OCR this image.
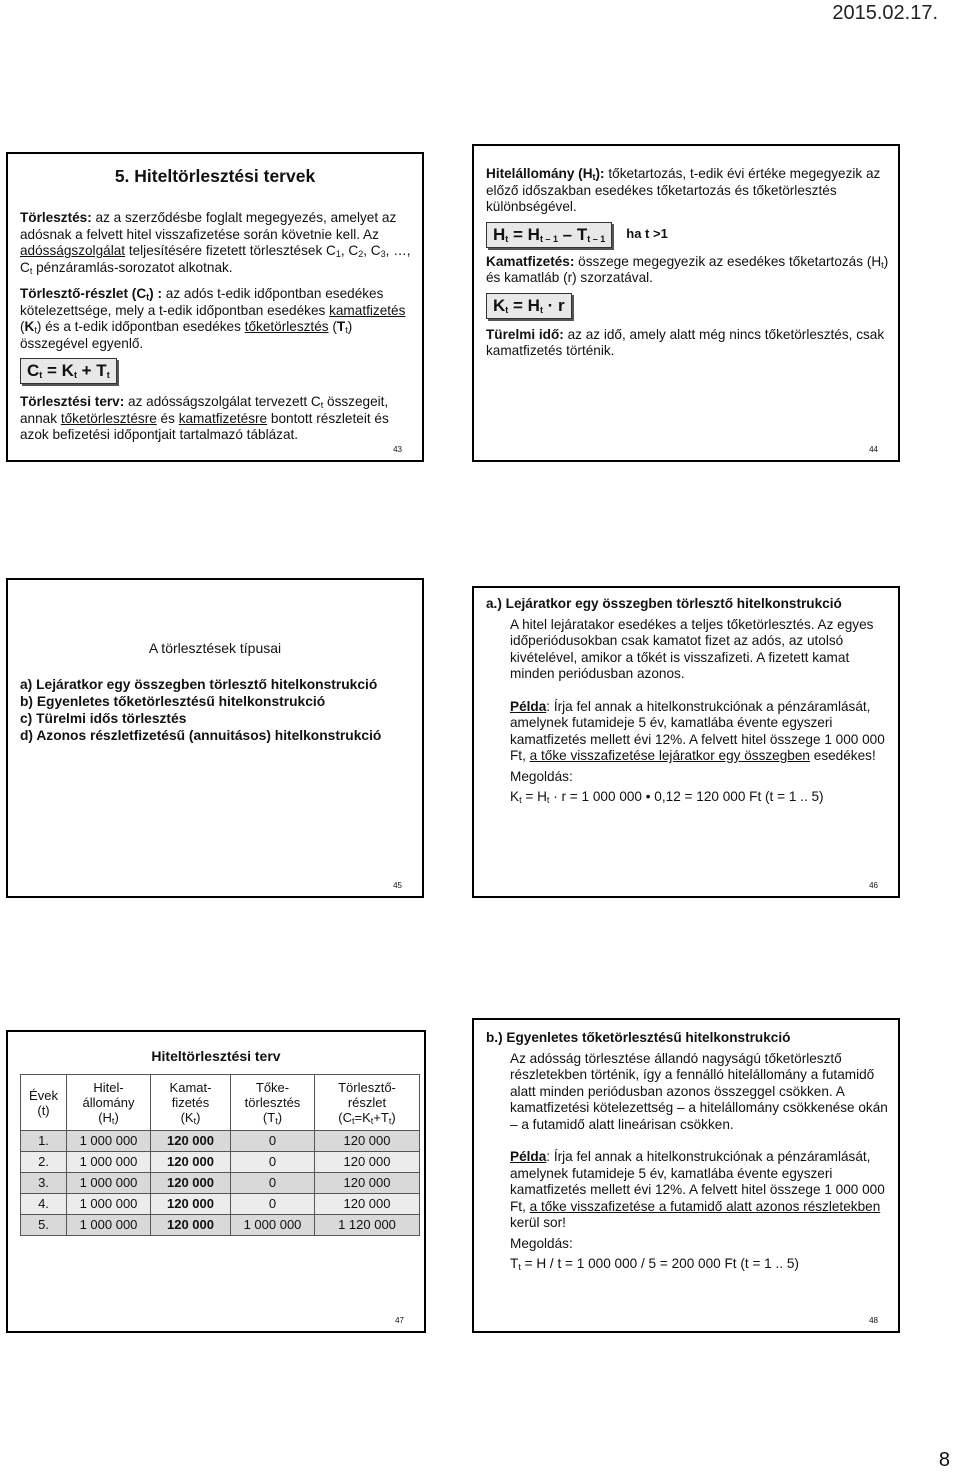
2015.02.17.
5. Hiteltörlesztési tervek

Törlesztés: az a szerződésbe foglalt megegyezés, amelyet az adósnak a felvett hitel visszafizetése során követnie kell. Az adósságszolgálat teljesítésére fizetett törlesztések $C_1$, $C_2$, $C_3$, …, $C_t$ pénzáramlás-sorozatot alkotnak.

Törlesztő-részlet $(C_t)$ : az adós t-edik időpontban esedékes kötelezettsége, mely a t-edik időpontban esedékes kamatfizetés $(K_t)$ és a t-edik időpontban esedékes tőketörlesztés $(T_t)$ összegével egyenlő.

$C_t = K_t + T_t$

Törlesztési terv: az adósságszolgálat tervezett $C_t$ összegeit, annak tőketörlesztésre és kamatfizetésre bontott részleteit és azok befizetési időpontjait tartalmazó táblázat.

43

Hitelállomány $(H_t)$: tőketartozás, t-edik évi értéke megegyezik az előző időszakban esedékes tőketartozás és tőketörlesztés különbségével.

$H_t = H_{t - 1} - T_{t - 1}$	ha t >1

Kamatfizetés: összege megegyezik az esedékes tőketartozás $(H_t)$ és kamatláb (r) szorzatával.

$K_t = H_t \cdot r$

Türelmi idő: az az idő, amely alatt még nincs tőketörlesztés, csak kamatfizetés történik.

44
A törlesztések típusai
a) Lejáratkor egy összegben törlesztő hitelkonstrukció
b) Egyenletes tőketörlesztésű hitelkonstrukció
c) Türelmi idős törlesztés
d) Azonos részletfizetésű (annuitásos) hitelkonstrukció
45

a.) Lejáratkor egy összegben törlesztő hitelkonstrukció

A hitel lejáratakor esedékes a teljes tőketörlesztés. Az egyes időperiódusokban csak kamatot fizet az adós, az utolsó kivételével, amikor a tőkét is visszafizeti. A fizetett kamat minden periódusban azonos.

Példa: Írja fel annak a hitelkonstrukciónak a pénzáramlását, amelynek futamideje 5 év, kamatlába évente egyszeri kamatfizetés mellett évi 12%. A felvett hitel összege 1 000 000 Ft, a tőke visszafizetése lejáratkor egy összegben esedékes!

Megoldás:

$K_t = H_t \cdot r = 1$ 000 000 • 0,12 = 120 000 Ft (t = 1 .. 5)

46
Hiteltörlesztési terv
Évek
(t)	Hitel-
állomány
$(H_t)$	Kamat-
fizetés
$(K_t)$	Tőke-
törlesztés
$(T_t)$	Törlesztő-
részlet
$(C_t=K_t+T_t)$
1.	1 000 000	120 000	0	120 000
2.	1 000 000	120 000	0	120 000
3.	1 000 000	120 000	0	120 000
4.	1 000 000	120 000	0	120 000
5.	1 000 000	120 000	1 000 000	1 120 000
47

b.) Egyenletes tőketörlesztésű hitelkonstrukció

Az adósság törlesztése állandó nagyságú tőketörlesztő részletekben történik, így a fennálló hitelállomány a futamidő alatt minden periódusban azonos összeggel csökken. A kamatfizetési kötelezettség – a hitelállomány csökkenése okán – a futamidő alatt lineárisan csökken.

Példa: Írja fel annak a hitelkonstrukciónak a pénzáramlását, amelynek futamideje 5 év, kamatlába évente egyszeri kamatfizetés mellett évi 12%. A felvett hitel összege 1 000 000 Ft, a tőke visszafizetése a futamidő alatt azonos részletekben kerül sor!

Megoldás:

$T_t = H / t = 1$ 000 000 / 5 = 200 000 Ft (t = 1 .. 5)

48
8
